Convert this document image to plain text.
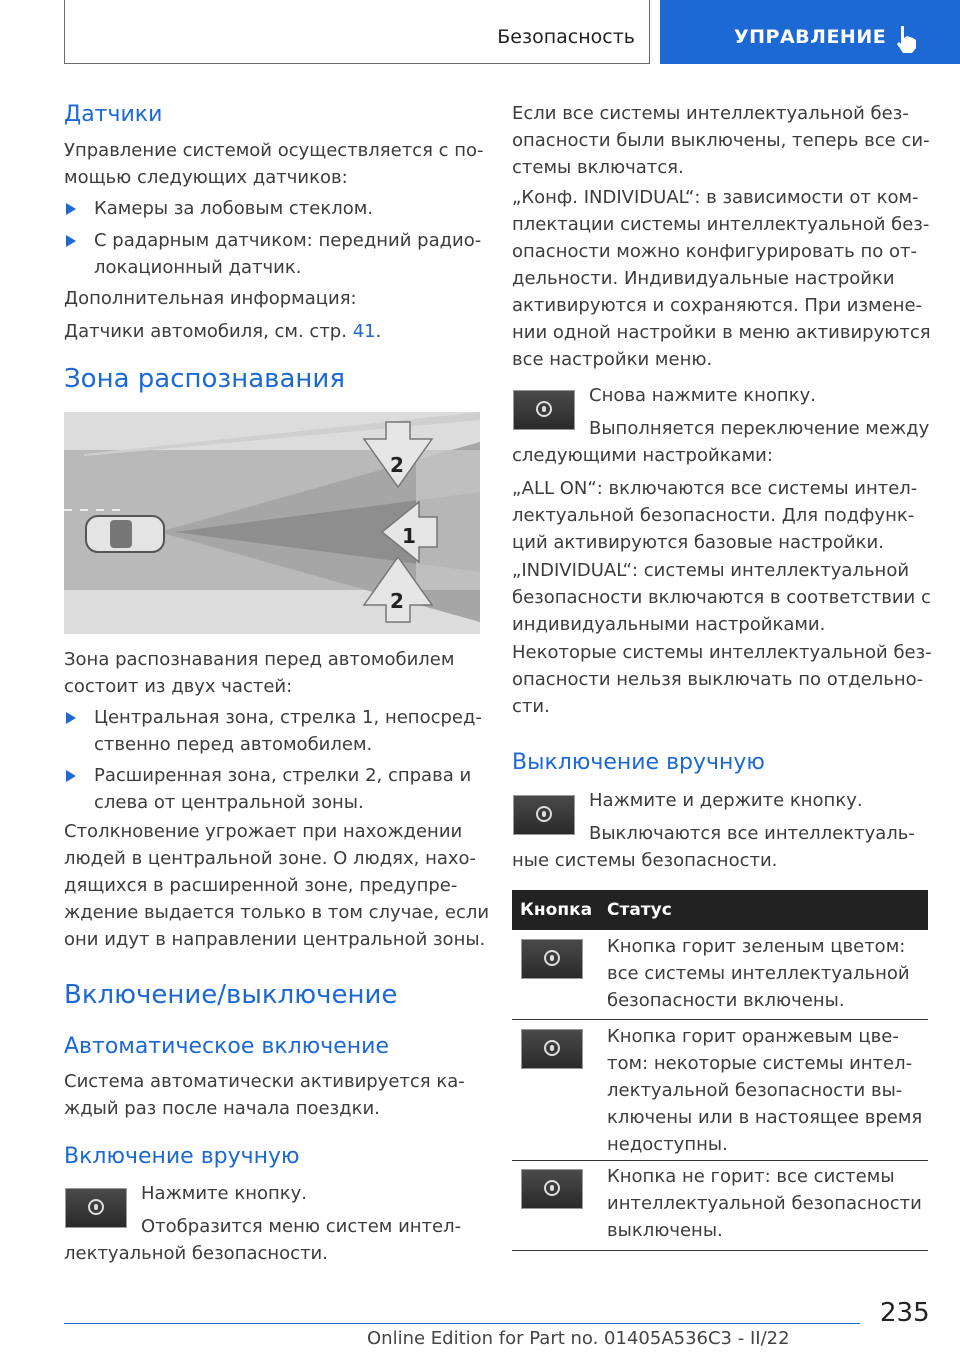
Безопасность	УПРАВЛЕНИЕ
Датчики
Управление системой осуществляется с по-
мощью следующих датчиков:
Камеры за лобовым стеклом.
С радарным датчиком: передний радио-
локационный датчик.
Дополнительная информация:
Датчики автомобиля, см. стр. 41.
Зона распознавания
2
1
2
Зона распознавания перед автомобилем
состоит из двух частей:
Центральная зона, стрелка 1, непосред-
ственно перед автомобилем.
Расширенная зона, стрелки 2, справа и
слева от центральной зоны.
Столкновение угрожает при нахождении
людей в центральной зоне. О людях, нахо-
дящихся в расширенной зоне, предупре-
ждение выдается только в том случае, если
они идут в направлении центральной зоны.
Включение/выключение
Автоматическое включение
Система автоматически активируется ка-
ждый раз после начала поездки.
Включение вручную
Нажмите кнопку.
Отобразится меню систем интел-
лектуальной безопасности.
Если все системы интеллектуальной без-
опасности были выключены, теперь все си-
стемы включатся.
„Конф. INDIVIDUAL“: в зависимости от ком-
плектации системы интеллектуальной без-
опасности можно конфигурировать по от-
дельности. Индивидуальные настройки
активируются и сохраняются. При измене-
нии одной настройки в меню активируются
все настройки меню.
Снова нажмите кнопку.
Выполняется переключение между
следующими настройками:
„ALL ON“: включаются все системы интел-
лектуальной безопасности. Для подфунк-
ций активируются базовые настройки.
„INDIVIDUAL“: системы интеллектуальной
безопасности включаются в соответствии с
индивидуальными настройками.
Некоторые системы интеллектуальной без-
опасности нельзя выключать по отдельно-
сти.
Выключение вручную
Нажмите и держите кнопку.
Выключаются все интеллектуаль-
ные системы безопасности.
Кнопка Статус
Кнопка горит зеленым цветом:
все системы интеллектуальной
безопасности включены.
Кнопка горит оранжевым цве-
том: некоторые системы интел-
лектуальной безопасности вы-
ключены или в настоящее время
недоступны.
Кнопка не горит: все системы
интеллектуальной безопасности
выключены.
235
Online Edition for Part no. 01405A536C3 - II/22
